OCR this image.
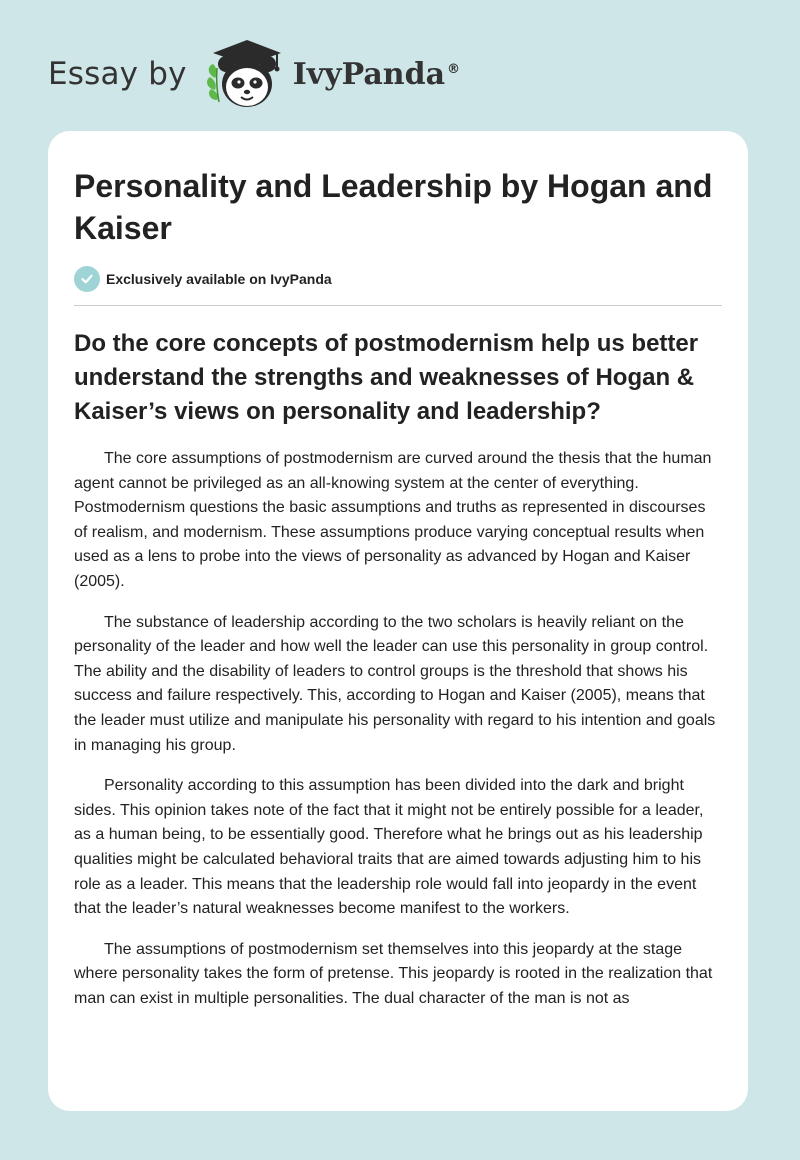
Essay by	IvyPanda ®
Personality and Leadership by Hogan and Kaiser
Exclusively available on IvyPanda
Do the core concepts of postmodernism help us better understand the strengths and weaknesses of Hogan & Kaiser’s views on personality and leadership?

The core assumptions of postmodernism are curved around the thesis that the human agent cannot be privileged as an all-knowing system at the center of everything. Postmodernism questions the basic assumptions and truths as represented in discourses of realism, and modernism. These assumptions produce varying conceptual results when used as a lens to probe into the views of personality as advanced by Hogan and Kaiser (2005).

The substance of leadership according to the two scholars is heavily reliant on the personality of the leader and how well the leader can use this personality in group control. The ability and the disability of leaders to control groups is the threshold that shows his success and failure respectively. This, according to Hogan and Kaiser (2005), means that the leader must utilize and manipulate his personality with regard to his intention and goals in managing his group.

Personality according to this assumption has been divided into the dark and bright sides. This opinion takes note of the fact that it might not be entirely possible for a leader, as a human being, to be essentially good. Therefore what he brings out as his leadership qualities might be calculated behavioral traits that are aimed towards adjusting him to his role as a leader. This means that the leadership role would fall into jeopardy in the event that the leader’s natural weaknesses become manifest to the workers.

The assumptions of postmodernism set themselves into this jeopardy at the stage where personality takes the form of pretense. This jeopardy is rooted in the realization that man can exist in multiple personalities. The dual character of the man is not as
